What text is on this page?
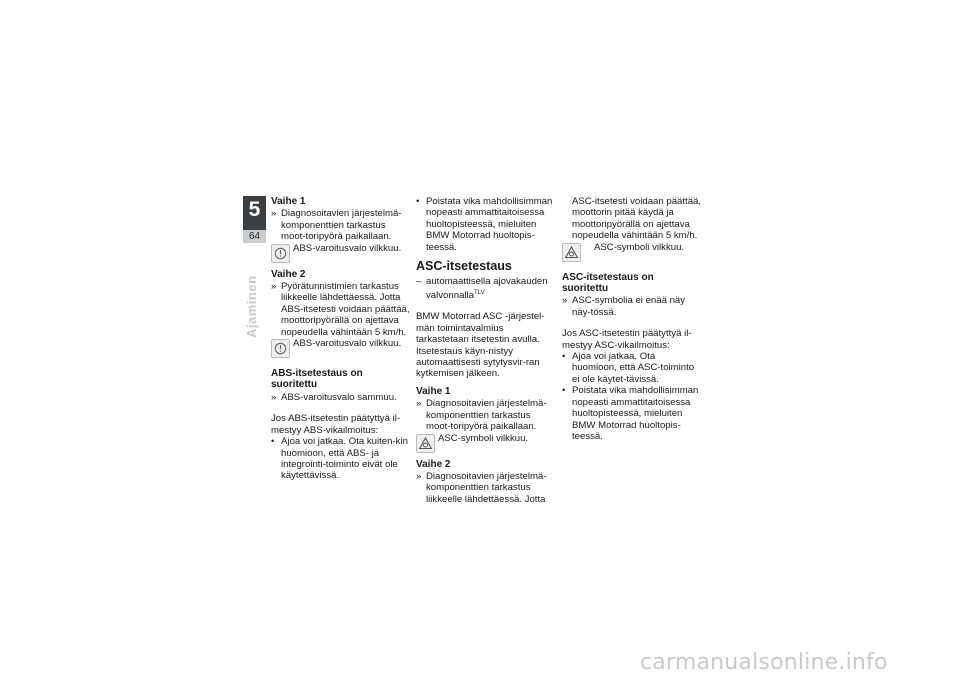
5
64
Ajaminen
Vaihe 1
» Diagnosoitavien järjestelmä-komponenttien tarkastus moot-toripyörä paikallaan.
ABS-varoitusvalo vilkkuu.
Vaihe 2
» Pyörätunnistimien tarkastus liikkeelle lähdettäessä. Jotta ABS-itsetesti voidaan päättää, moottoripyörällä on ajettava nopeudella vähintään 5 km/h.
ABS-varoitusvalo vilkkuu.
ABS-itsetestaus on suoritettu
» ABS-varoitusvalo sammuu.

Jos ABS-itsetestin päätyttyä il-mestyy ABS-vikailmoitus:

• Ajoa voi jatkaa. Ota kuiten-kin huomioon, että ABS- ja integrointi-toiminto eivät ole käytettävissä.
• Poistata vika mahdollisimman nopeasti ammattitaitoisessa huoltopisteessä, mieluiten BMW Motorrad huoltopis-teessä.
ASC-itsetestaus
– automaattisella ajovakauden valvonnalla$^{TLV}$

BMW Motorrad ASC -järjestel-män toimintavalmius tarkastetaan itsetestin avulla. Itsetestaus käyn-nistyy automaattisesti sytytysvir-ran kytkemisen jälkeen.

Vaihe 1
» Diagnosoitavien järjestelmä-komponenttien tarkastus moot-toripyörä paikallaan.
ASC-symboli vilkkuu.
Vaihe 2
» Diagnosoitavien järjestelmä-komponenttien tarkastus liikkeelle lähdettäessä. Jotta
ASC-itsetesti voidaan päättää, moottorin pitää käydä ja moottoripyörällä on ajettava nopeudella vähintään 5 km/h.
ASC-symboli vilkkuu.
ASC-itsetestaus on suoritettu
» ASC-symbolia ei enää näy näy-tössä.

Jos ASC-itsetestin päätyttyä il-mestyy ASC-vikailmoitus:

• Ajoa voi jatkaa. Ota huomioon, että ASC-toiminto ei ole käytet-tävissä.
• Poistata vika mahdollisimman nopeasti ammattitaitoisessa huoltopisteessä, mieluiten BMW Motorrad huoltopis-teessä.
carmanualsonline.info
